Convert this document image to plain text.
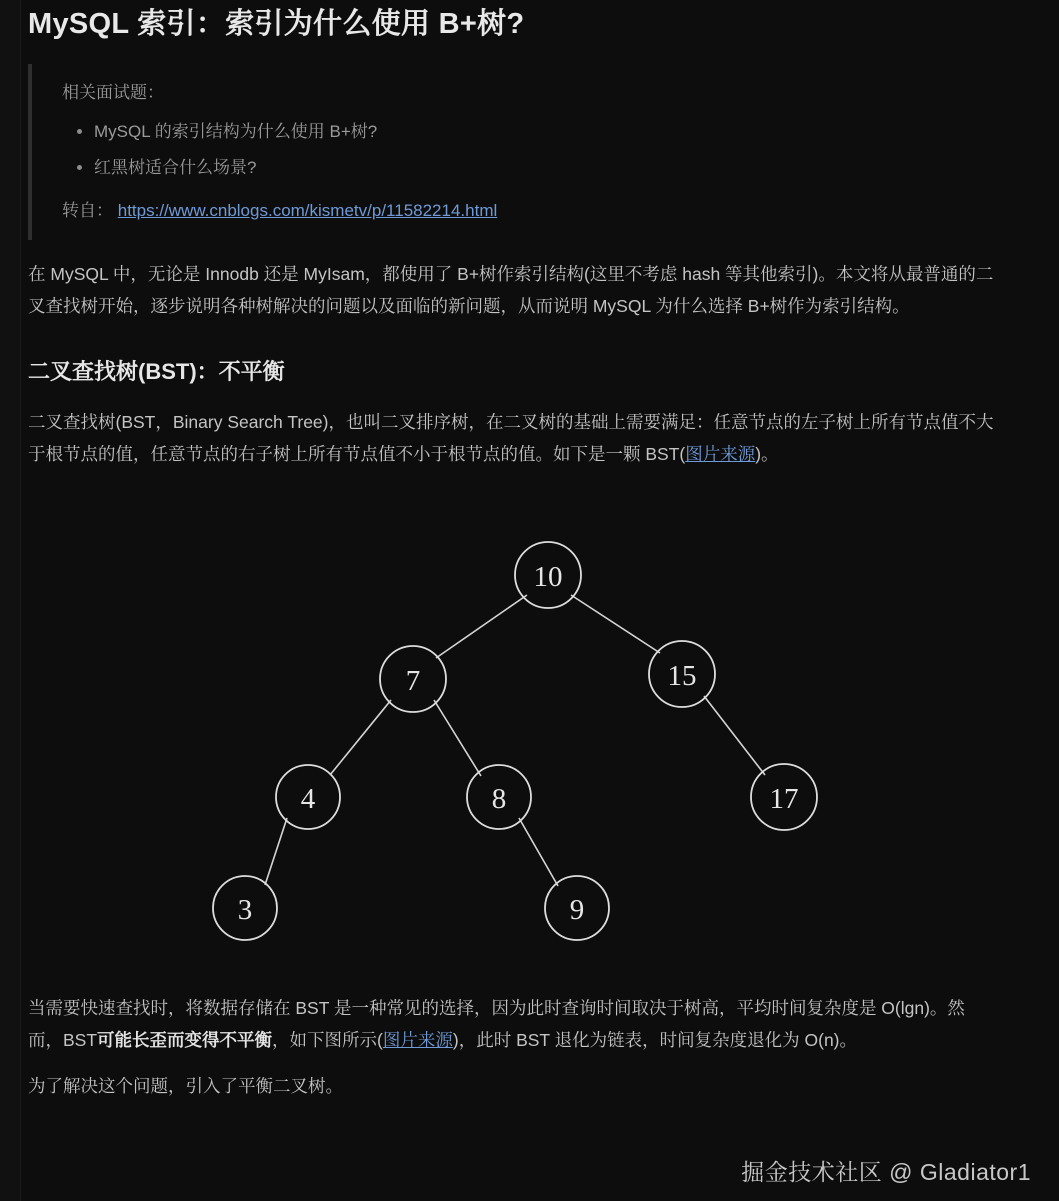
MySQL 索引：索引为什么使用 B+树?
相关面试题：
• MySQL 的索引结构为什么使用 B+树?
• 红黑树适合什么场景?
转自： https://www.cnblogs.com/kismetv/p/11582214.html

在 MySQL 中，无论是 Innodb 还是 MyIsam，都使用了 B+树作索引结构(这里不考虑 hash 等其他索引)。本文将从最普通的二叉查找树开始，逐步说明各种树解决的问题以及面临的新问题，从而说明 MySQL 为什么选择 B+树作为索引结构。

二叉查找树(BST)：不平衡

二叉查找树(BST，Binary Search Tree)，也叫二叉排序树，在二叉树的基础上需要满足：任意节点的左子树上所有节点值不大于根节点的值，任意节点的右子树上所有节点值不小于根节点的值。如下是一颗 BST(图片来源)。

10
7	15
4	8	17
3	9

当需要快速查找时，将数据存储在 BST 是一种常见的选择，因为此时查询时间取决于树高，平均时间复杂度是 O(lgn)。然而，BST可能长歪而变得不平衡，如下图所示(图片来源)，此时 BST 退化为链表，时间复杂度退化为 O(n)。

为了解决这个问题，引入了平衡二叉树。

掘金技术社区 @ Gladiator1
